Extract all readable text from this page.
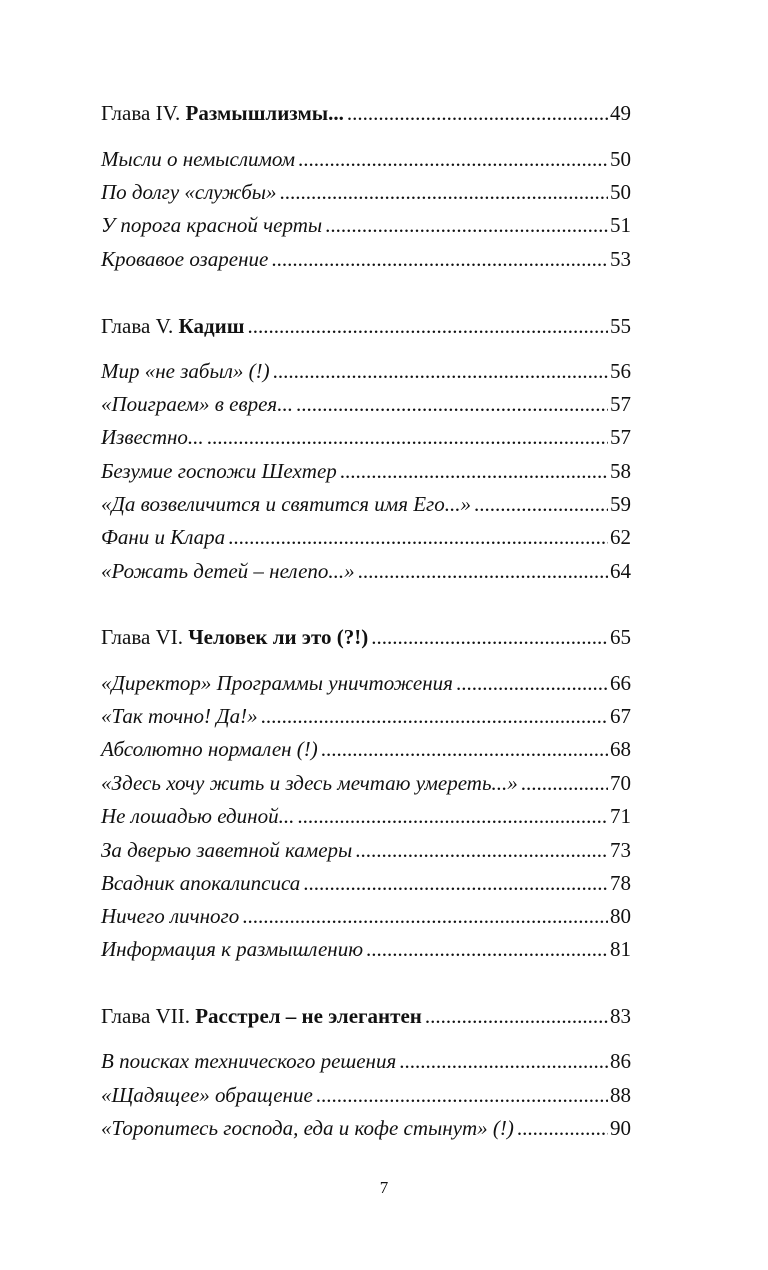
Глава IV. Размышлизмы... .....	49
Мысли о немыслимом .....	50
По долгу «службы» .....	50
У порога красной черты .....	51
Кровавое озарение .....	53
Глава V. Кадиш .....	55
Мир «не забыл» (!) .....	56
«Поиграем» в еврея... .....	57
Известно... .....	57
Безумие госпожи Шехтер .....	58
«Да возвеличится и святится имя Его...» .....	59
Фани и Клара .....	62
«Рожать детей – нелепо...» .....	64
Глава VI. Человек ли это (?!) .....	65
«Директор» Программы уничтожения .....	66
«Так точно! Да!» .....	67
Абсолютно нормален (!) .....	68
«Здесь хочу жить и здесь мечтаю умереть...» .....	70
Не лошадью единой... .....	71
За дверью заветной камеры .....	73
Всадник апокалипсиса .....	78
Ничего личного .....	80
Информация к размышлению .....	81
Глава VII. Расстрел – не элегантен .....	83
В поисках технического решения .....	86
«Щадящее» обращение .....	88
«Торопитесь господа, еда и кофе стынут» (!) .....	90
7
